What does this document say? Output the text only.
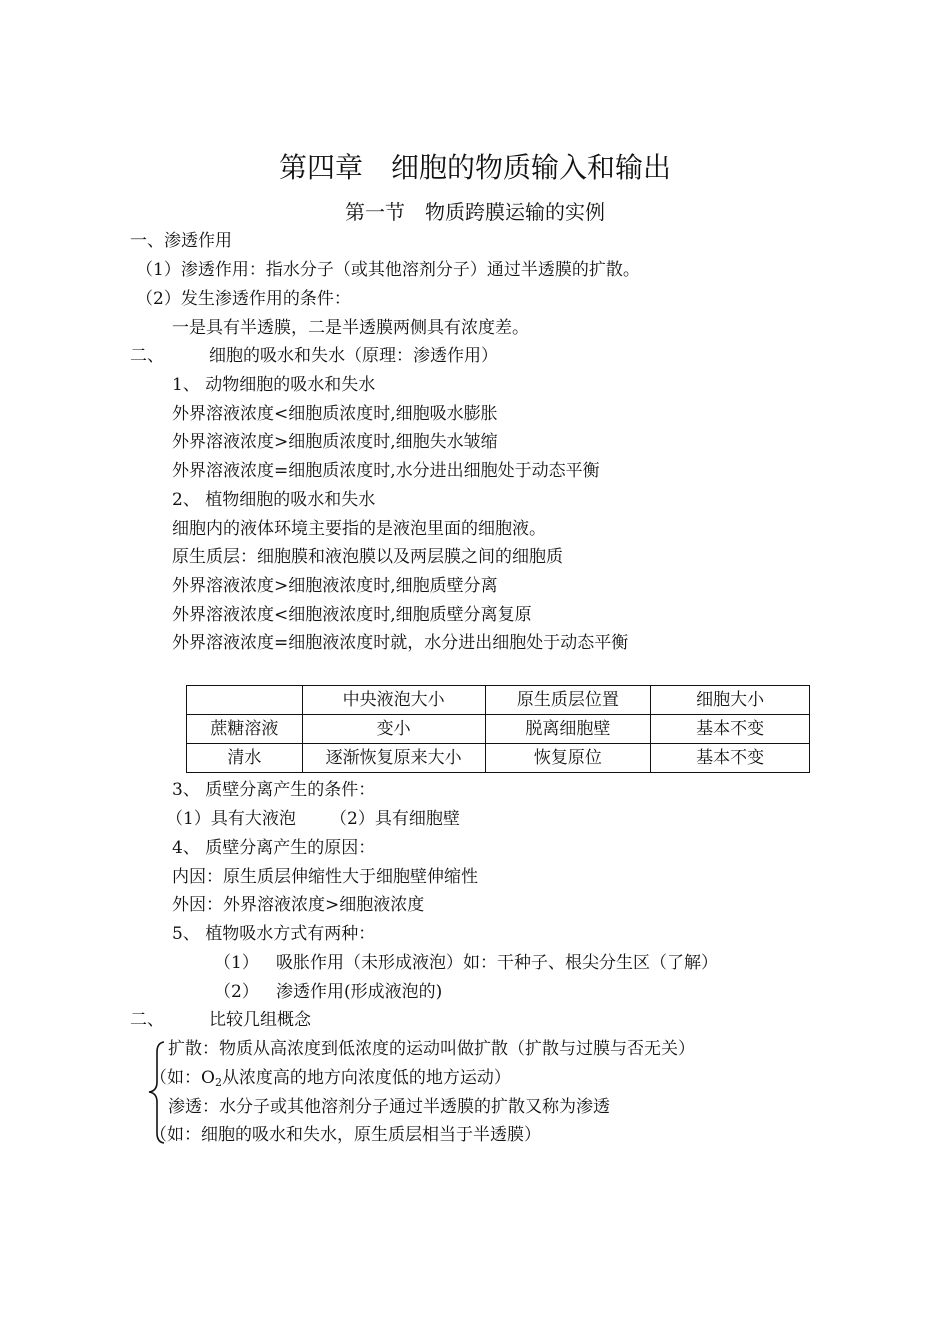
第四章　细胞的物质输入和输出
第一节　物质跨膜运输的实例
一、渗透作用
（1）渗透作用：指水分子（或其他溶剂分子）通过半透膜的扩散。
（2）发生渗透作用的条件：
一是具有半透膜，二是半透膜两侧具有浓度差。
二、	细胞的吸水和失水（原理：渗透作用）
1、 动物细胞的吸水和失水
外界溶液浓度<细胞质浓度时,细胞吸水膨胀
外界溶液浓度>细胞质浓度时,细胞失水皱缩
外界溶液浓度=细胞质浓度时,水分进出细胞处于动态平衡
2、 植物细胞的吸水和失水
细胞内的液体环境主要指的是液泡里面的细胞液。
原生质层：细胞膜和液泡膜以及两层膜之间的细胞质
外界溶液浓度>细胞液浓度时,细胞质壁分离
外界溶液浓度<细胞液浓度时,细胞质壁分离复原
外界溶液浓度=细胞液浓度时就，水分进出细胞处于动态平衡
	中央液泡大小	原生质层位置	细胞大小
蔗糖溶液	变小	脱离细胞壁	基本不变
清水	逐渐恢复原来大小	恢复原位	基本不变
3、 质壁分离产生的条件：
（1）具有大液泡 （2）具有细胞壁
4、 质壁分离产生的原因：
内因：原生质层伸缩性大于细胞壁伸缩性
外因：外界溶液浓度>细胞液浓度
5、 植物吸水方式有两种：
（1） 吸胀作用（未形成液泡）如：干种子、根尖分生区（了解）
（2） 渗透作用(形成液泡的)
二、	比较几组概念
扩散：物质从高浓度到低浓度的运动叫做扩散（扩散与过膜与否无关）
（如：$O_2$从浓度高的地方向浓度低的地方运动）
渗透：水分子或其他溶剂分子通过半透膜的扩散又称为渗透
（如：细胞的吸水和失水，原生质层相当于半透膜）
